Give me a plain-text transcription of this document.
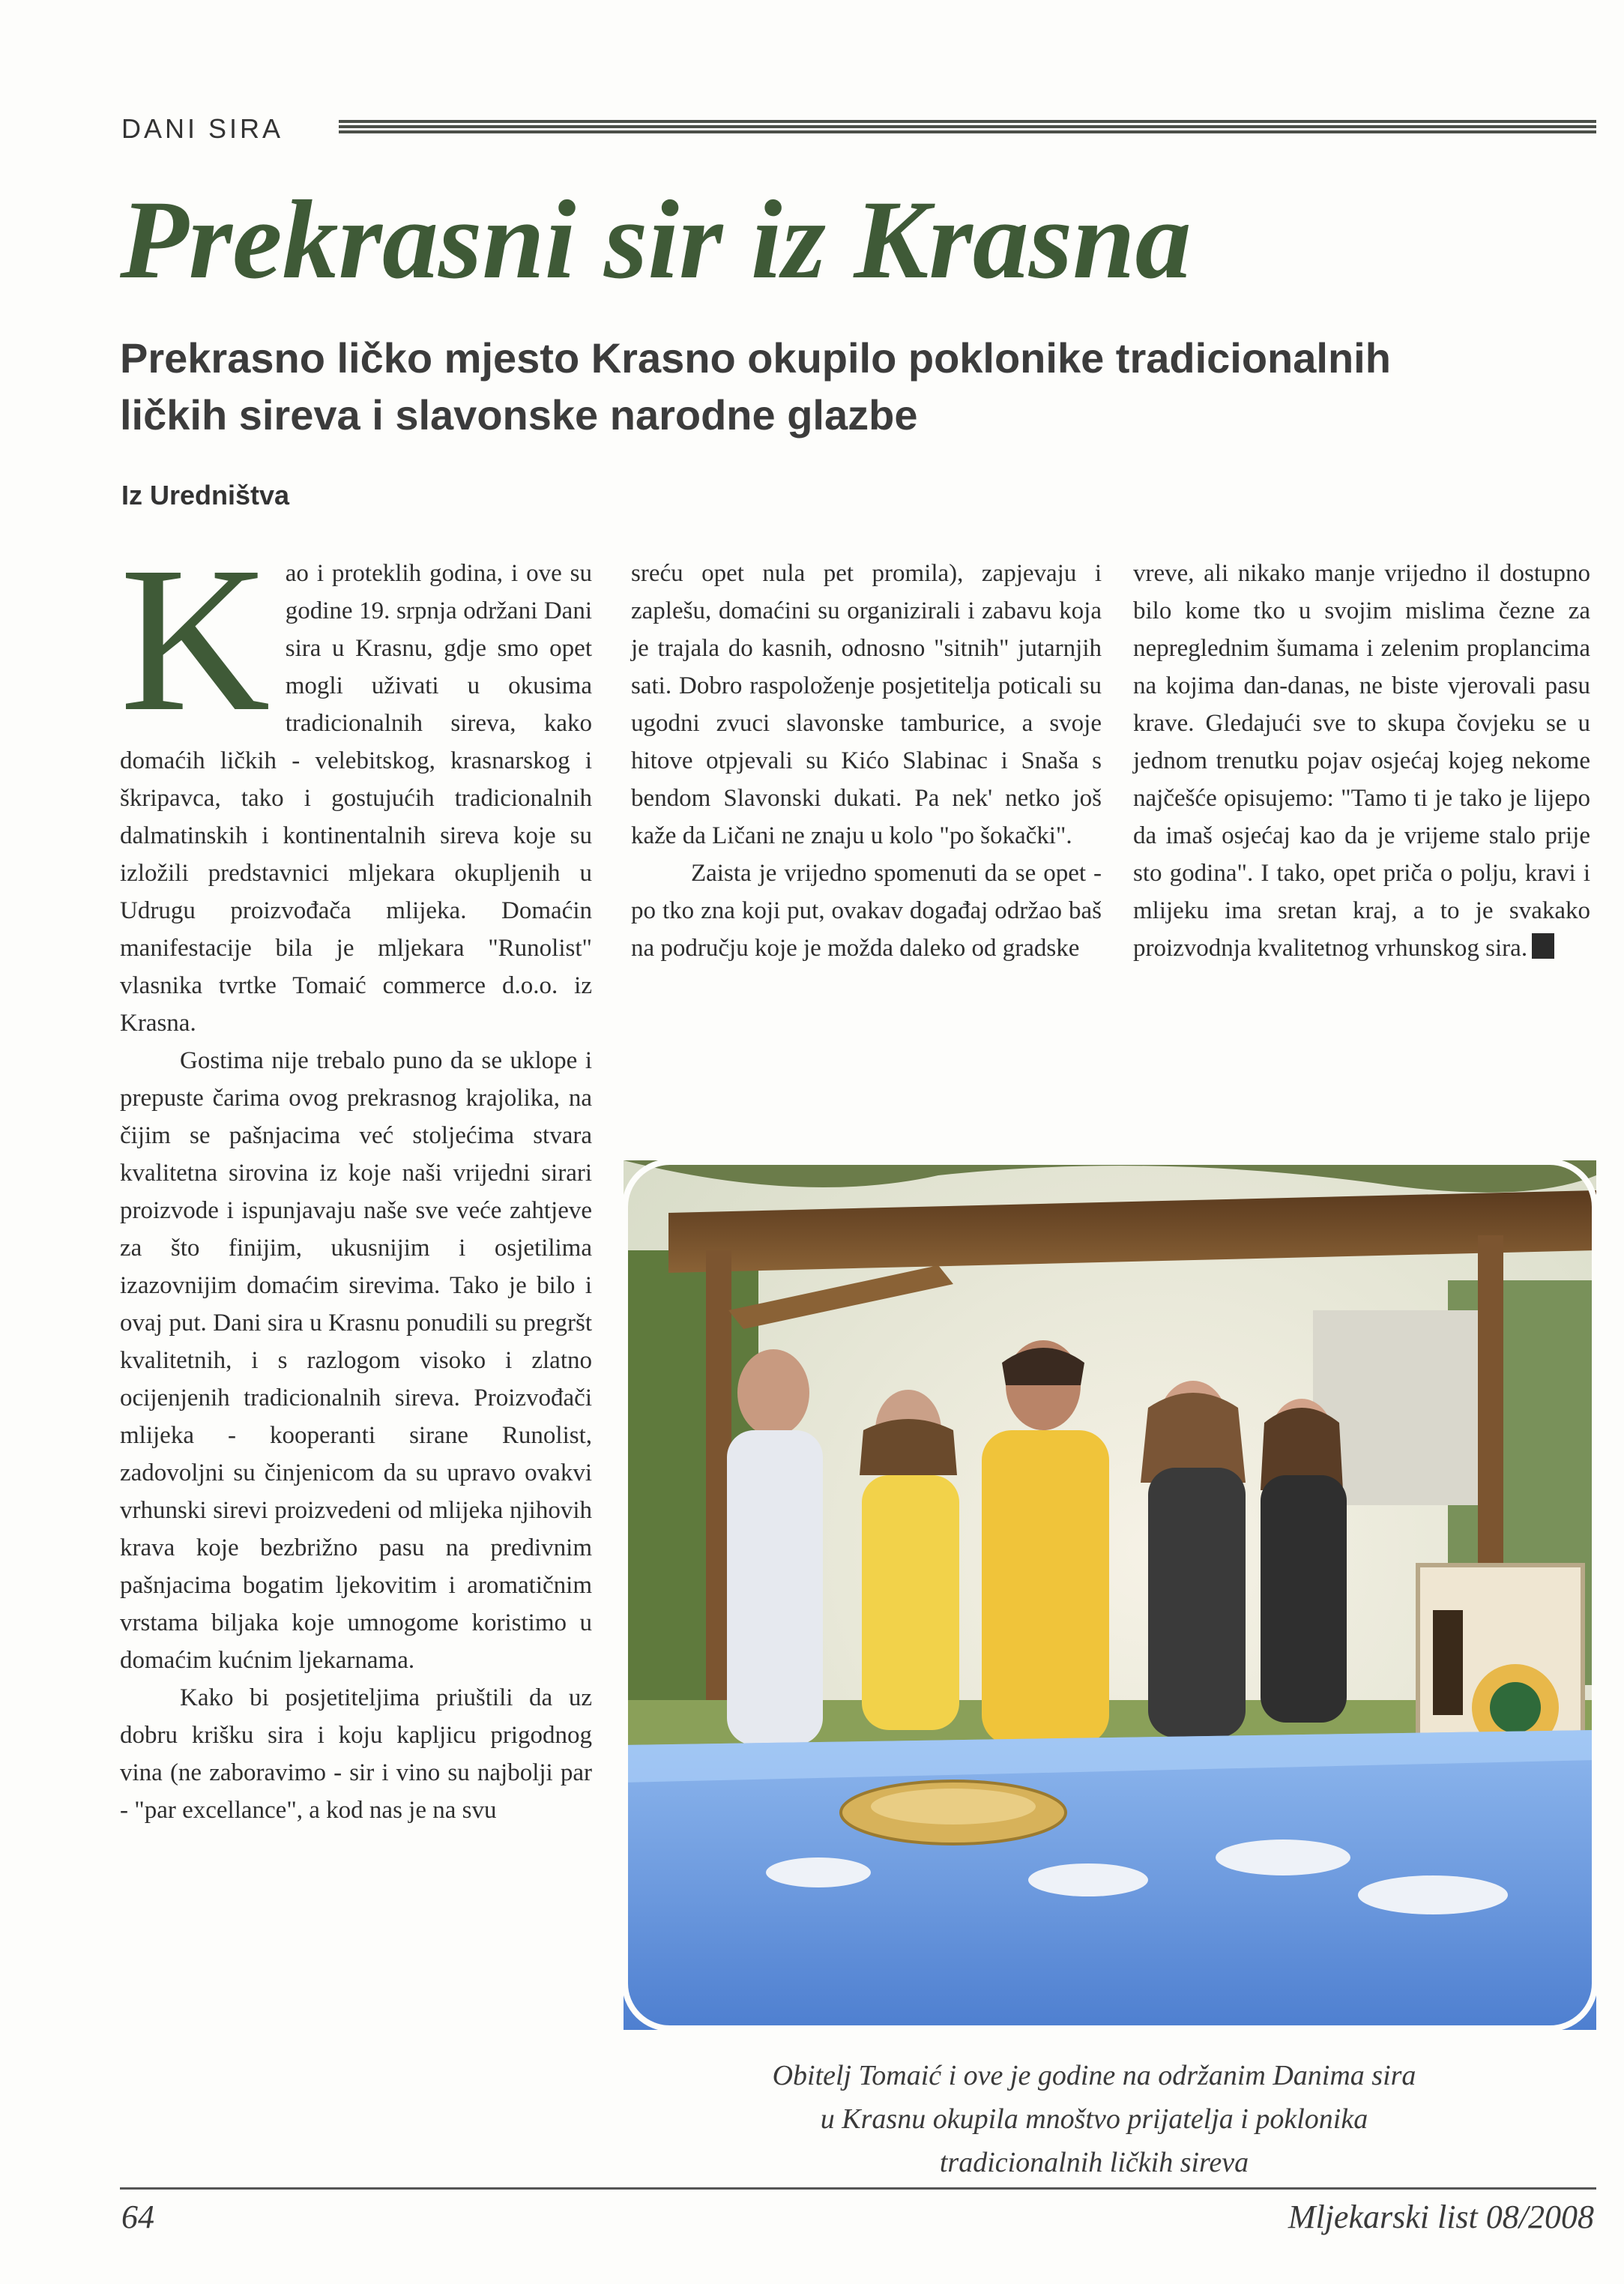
DANI SIRA
Prekrasni sir iz Krasna
Prekrasno ličko mjesto Krasno okupilo poklonike tradicionalnih
ličkih sireva i slavonske narodne glazbe
Iz Uredništva

Kao i proteklih godina, i ove su godine 19. srpnja održani Dani sira u Krasnu, gdje smo opet mogli uživati u okusima tradicionalnih sireva, kako domaćih ličkih - velebitskog, krasnarskog i škripavca, tako i gostujućih tradicionalnih dalmatinskih i kontinentalnih sireva koje su izložili predstavnici mljekara okupljenih u Udrugu proizvođača mlijeka. Domaćin manifestacije bila je mljekara "Runolist" vlasnika tvrtke Tomaić commerce d.o.o. iz Krasna.

Gostima nije trebalo puno da se uklope i prepuste čarima ovog prekrasnog krajolika, na čijim se pašnjacima već stoljećima stvara kvalitetna sirovina iz koje naši vrijedni sirari proizvode i ispunjavaju naše sve veće zahtjeve za što finijim, ukusnijim i osjetilima izazovnijim domaćim sirevima. Tako je bilo i ovaj put. Dani sira u Krasnu ponudili su pregršt kvalitetnih, i s razlogom visoko i zlatno ocijenjenih tradicionalnih sireva. Proizvođači mlijeka - kooperanti sirane Runolist, zadovoljni su činjenicom da su upravo ovakvi vrhunski sirevi proizvedeni od mlijeka njihovih krava koje bezbrižno pasu na predivnim pašnjacima bogatim ljekovitim i aromatičnim vrstama biljaka koje umnogome koristimo u domaćim kućnim ljekarnama.

Kako bi posjetiteljima priuštili da uz dobru krišku sira i koju kapljicu prigodnog vina (ne zaboravimo - sir i vino su najbolji par - "par excellance", a kod nas je na svu

sreću opet nula pet promila), zapjevaju i zaplešu, domaćini su organizirali i zabavu koja je trajala do kasnih, odnosno "sitnih" jutarnjih sati. Dobro raspoloženje posjetitelja poticali su ugodni zvuci slavonske tamburice, a svoje hitove otpjevali su Kićo Slabinac i Snaša s bendom Slavonski dukati. Pa nek' netko još kaže da Ličani ne znaju u kolo "po šokački".

Zaista je vrijedno spomenuti da se opet - po tko zna koji put, ovakav događaj održao baš na području koje je možda daleko od gradske

vreve, ali nikako manje vrijedno il dostupno bilo kome tko u svojim mislima čezne za nepreglednim šumama i zelenim proplancima na kojima dan-danas, ne biste vjerovali pasu krave. Gledajući sve to skupa čovjeku se u jednom trenutku pojav osjećaj kojeg nekome najčešće opisujemo: "Tamo ti je tako je lijepo da imaš osjećaj kao da je vrijeme stalo prije sto godina". I tako, opet priča o polju, kravi i mlijeku ima sretan kraj, a to je svakako proizvodnja kvalitetnog vrhunskog sira.

Obitelj Tomaić i ove je godine na održanim Danima sira
u Krasnu okupila mnoštvo prijatelja i poklonika
tradicionalnih ličkih sireva
64	Mljekarski list 08/2008
